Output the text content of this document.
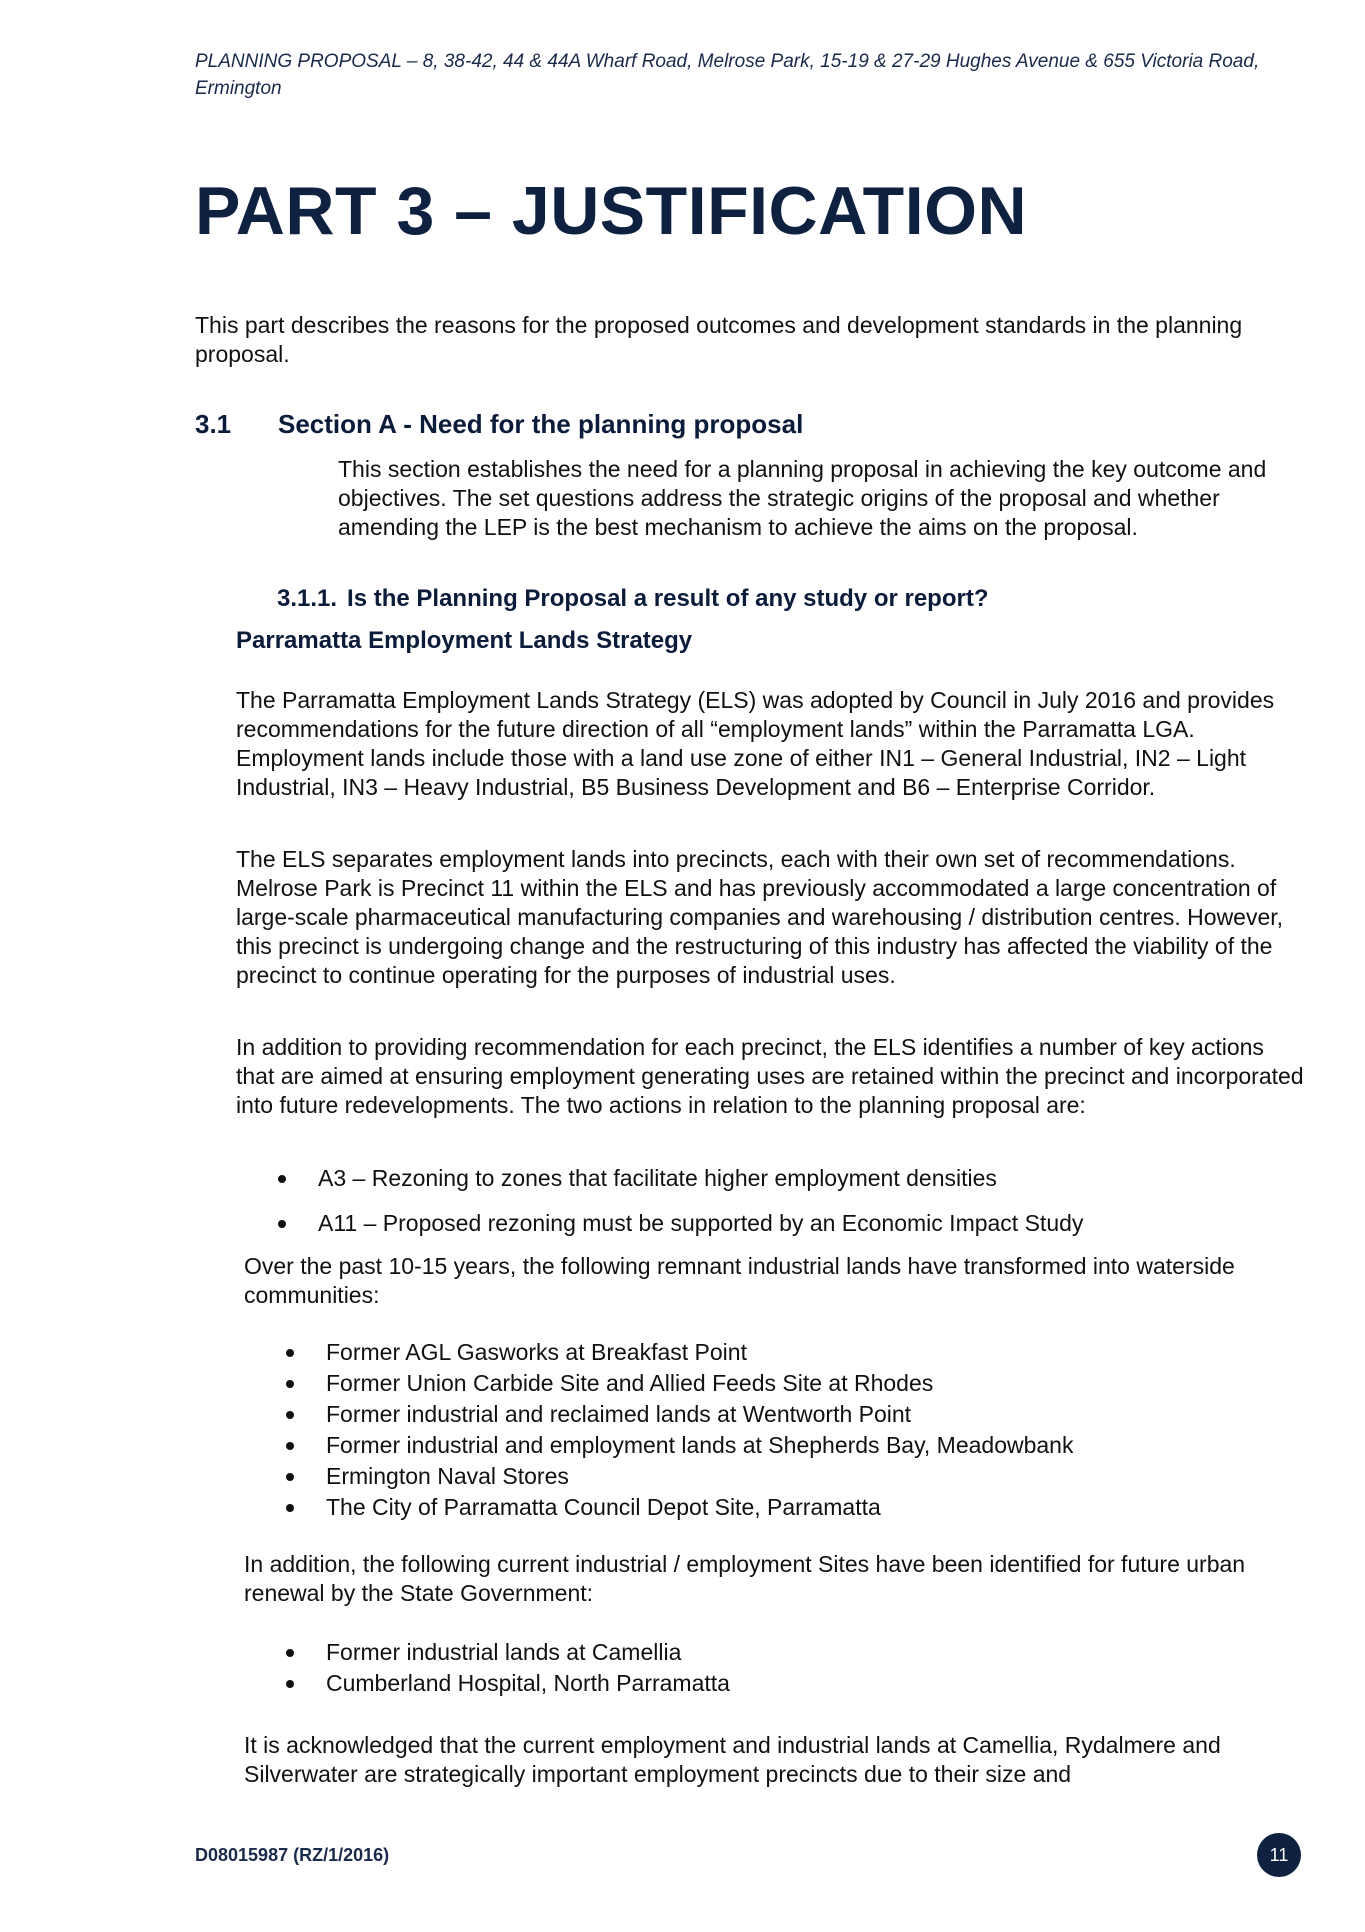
PLANNING PROPOSAL – 8, 38-42, 44 & 44A Wharf Road, Melrose Park, 15-19 & 27-29 Hughes Avenue & 655 Victoria Road, Ermington
PART 3 – JUSTIFICATION

This part describes the reasons for the proposed outcomes and development standards in the planning proposal.

3.1 Section A - Need for the planning proposal

This section establishes the need for a planning proposal in achieving the key outcome and objectives. The set questions address the strategic origins of the proposal and whether amending the LEP is the best mechanism to achieve the aims on the proposal.

3.1.1. Is the Planning Proposal a result of any study or report?
Parramatta Employment Lands Strategy

The Parramatta Employment Lands Strategy (ELS) was adopted by Council in July 2016 and provides recommendations for the future direction of all “employment lands” within the Parramatta LGA. Employment lands include those with a land use zone of either IN1 – General Industrial, IN2 – Light Industrial, IN3 – Heavy Industrial, B5 Business Development and B6 – Enterprise Corridor.

The ELS separates employment lands into precincts, each with their own set of recommendations. Melrose Park is Precinct 11 within the ELS and has previously accommodated a large concentration of large-scale pharmaceutical manufacturing companies and warehousing / distribution centres. However, this precinct is undergoing change and the restructuring of this industry has affected the viability of the precinct to continue operating for the purposes of industrial uses.

In addition to providing recommendation for each precinct, the ELS identifies a number of key actions that are aimed at ensuring employment generating uses are retained within the precinct and incorporated into future redevelopments. The two actions in relation to the planning proposal are:

A3 – Rezoning to zones that facilitate higher employment densities
A11 – Proposed rezoning must be supported by an Economic Impact Study

Over the past 10-15 years, the following remnant industrial lands have transformed into waterside communities:

Former AGL Gasworks at Breakfast Point
Former Union Carbide Site and Allied Feeds Site at Rhodes
Former industrial and reclaimed lands at Wentworth Point
Former industrial and employment lands at Shepherds Bay, Meadowbank
Ermington Naval Stores
The City of Parramatta Council Depot Site, Parramatta

In addition, the following current industrial / employment Sites have been identified for future urban renewal by the State Government:

Former industrial lands at Camellia
Cumberland Hospital, North Parramatta

It is acknowledged that the current employment and industrial lands at Camellia, Rydalmere and Silverwater are strategically important employment precincts due to their size and

D08015987 (RZ/1/2016)	11
